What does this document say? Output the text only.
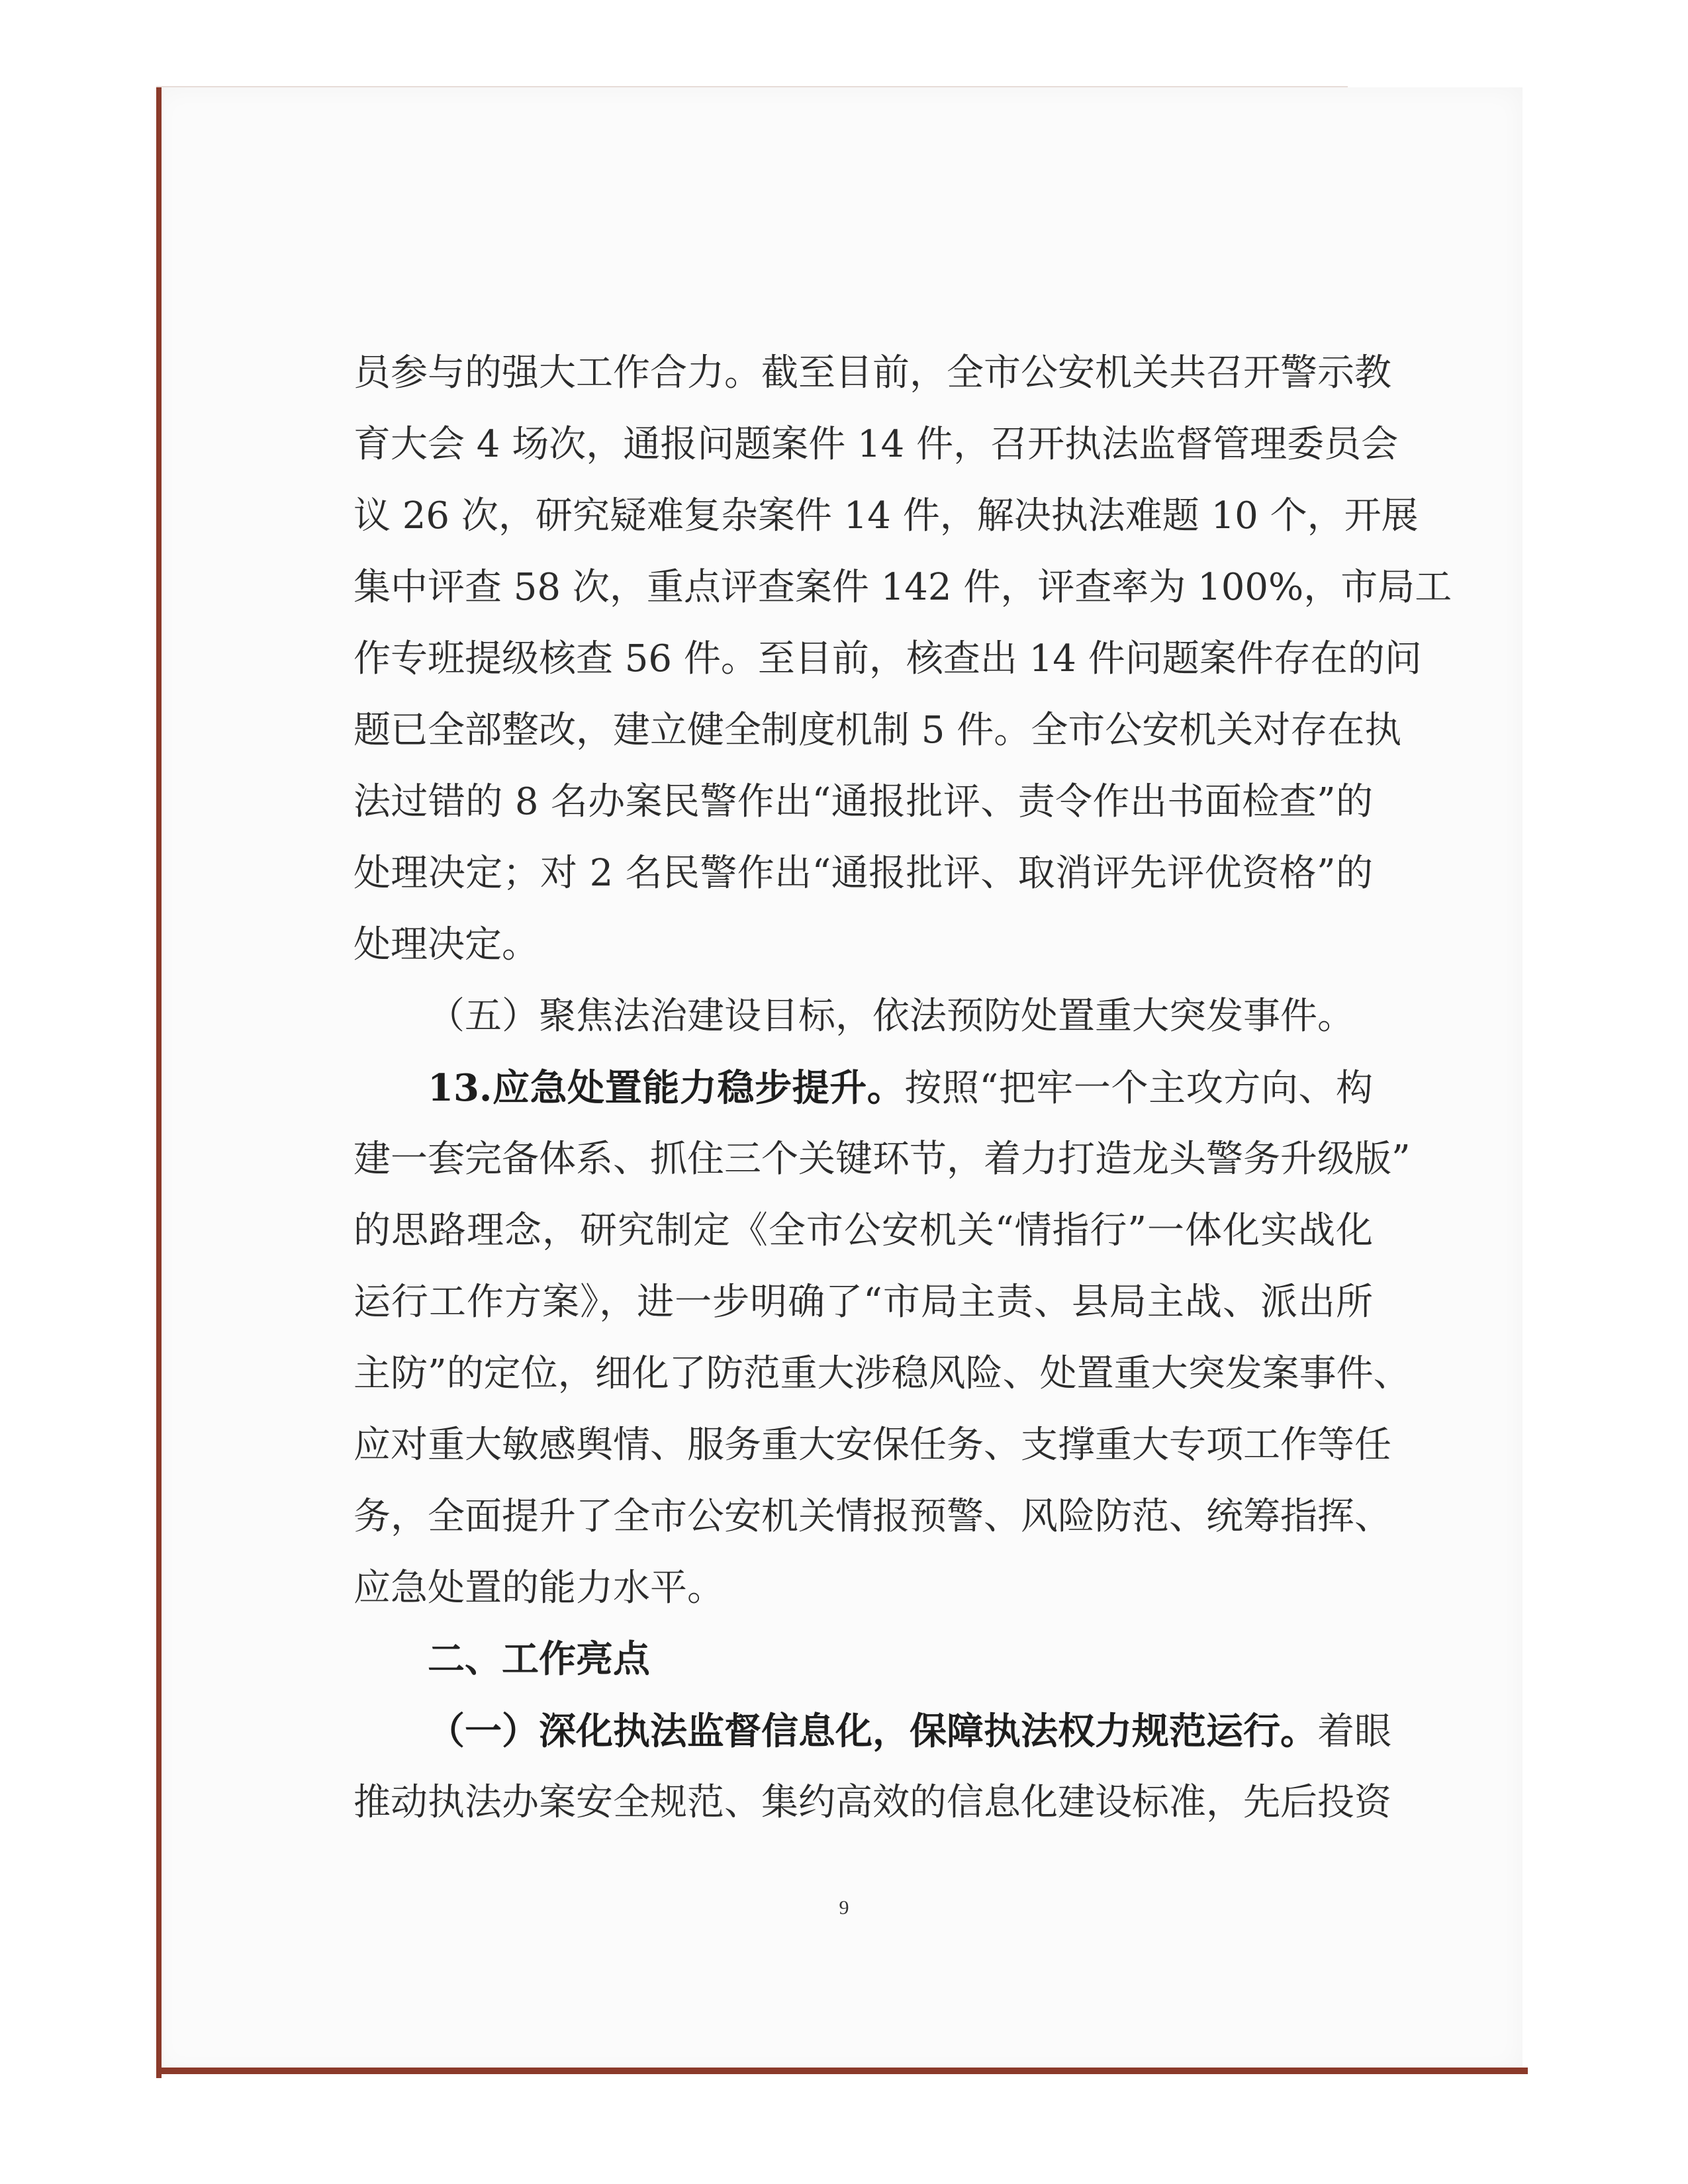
员参与的强大工作合力。截至目前，全市公安机关共召开警示教
育大会 4 场次，通报问题案件 14 件，召开执法监督管理委员会
议 26 次，研究疑难复杂案件 14 件，解决执法难题 10 个，开展
集中评查 58 次，重点评查案件 142 件，评查率为 100%，市局工
作专班提级核查 56 件。至目前，核查出 14 件问题案件存在的问
题已全部整改，建立健全制度机制 5 件。全市公安机关对存在执
法过错的 8 名办案民警作出“通报批评、责令作出书面检查”的
处理决定；对 2 名民警作出“通报批评、取消评先评优资格”的
处理决定。
（五）聚焦法治建设目标，依法预防处置重大突发事件。
13.应急处置能力稳步提升。按照“把牢一个主攻方向、构
建一套完备体系、抓住三个关键环节，着力打造龙头警务升级版”
的思路理念，研究制定《全市公安机关“情指行”一体化实战化
运行工作方案》，进一步明确了“市局主责、县局主战、派出所
主防”的定位，细化了防范重大涉稳风险、处置重大突发案事件、
应对重大敏感舆情、服务重大安保任务、支撑重大专项工作等任
务，全面提升了全市公安机关情报预警、风险防范、统筹指挥、
应急处置的能力水平。
二、工作亮点
（一）深化执法监督信息化，保障执法权力规范运行。着眼
推动执法办案安全规范、集约高效的信息化建设标准，先后投资
9
